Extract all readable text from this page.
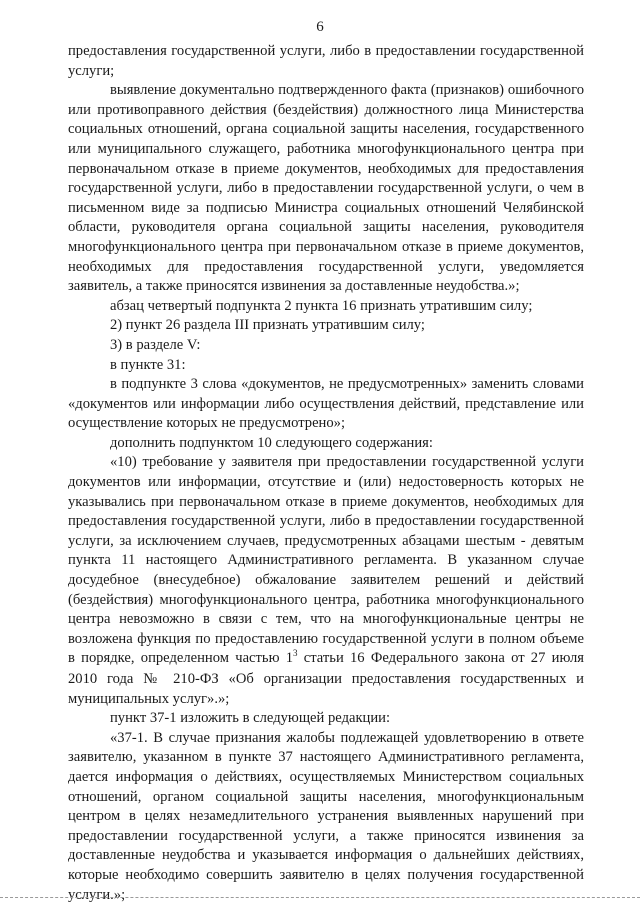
6

предоставления государственной услуги, либо в предоставлении государственной услуги;

выявление документально подтвержденного факта (признаков) ошибочного или противоправного действия (бездействия) должностного лица Министерства социальных отношений, органа социальной защиты населения, государственного или муниципального служащего, работника многофункционального центра при первоначальном отказе в приеме документов, необходимых для предоставления государственной услуги, либо в предоставлении государственной услуги, о чем в письменном виде за подписью Министра социальных отношений Челябинской области, руководителя органа социальной защиты населения, руководителя многофункционального центра при первоначальном отказе в приеме документов, необходимых для предоставления государственной услуги, уведомляется заявитель, а также приносятся извинения за доставленные неудобства.»;

абзац четвертый подпункта 2 пункта 16 признать утратившим силу;

2) пункт 26 раздела III признать утратившим силу;

3) в разделе V:

в пункте 31:

в подпункте 3 слова «документов, не предусмотренных» заменить словами «документов или информации либо осуществления действий, представление или осуществление которых не предусмотрено»;

дополнить подпунктом 10 следующего содержания:

«10) требование у заявителя при предоставлении государственной услуги документов или информации, отсутствие и (или) недостоверность которых не указывались при первоначальном отказе в приеме документов, необходимых для предоставления государственной услуги, либо в предоставлении государственной услуги, за исключением случаев, предусмотренных абзацами шестым - девятым пункта 11 настоящего Административного регламента. В указанном случае досудебное (внесудебное) обжалование заявителем решений и действий (бездействия) многофункционального центра, работника многофункционального центра невозможно в связи с тем, что на многофункциональные центры не возложена функция по предоставлению государственной услуги в полном объеме в порядке, определенном частью $1^3$ статьи 16 Федерального закона от 27 июля 2010 года № 210-ФЗ «Об организации предоставления государственных и муниципальных услуг».»;

пункт 37-1 изложить в следующей редакции:

«37-1. В случае признания жалобы подлежащей удовлетворению в ответе заявителю, указанном в пункте 37 настоящего Административного регламента, дается информация о действиях, осуществляемых Министерством социальных отношений, органом социальной защиты населения, многофункциональным центром в целях незамедлительного устранения выявленных нарушений при предоставлении государственной услуги, а также приносятся извинения за доставленные неудобства и указывается информация о дальнейших действиях, которые необходимо совершить заявителю в целях получения государственной услуги.»;
